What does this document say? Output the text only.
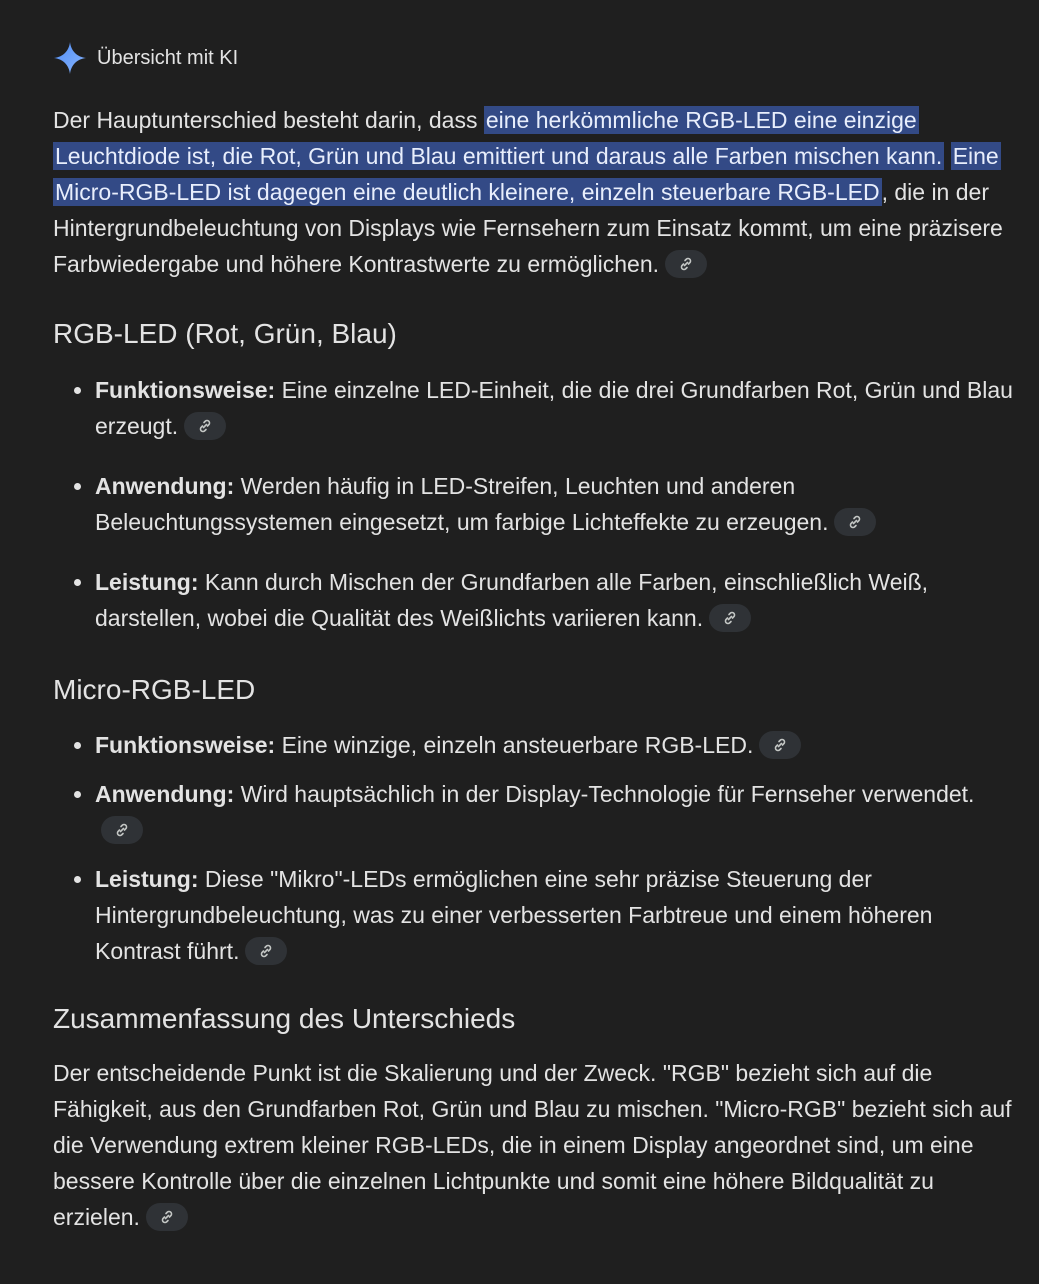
Übersicht mit KI

Der Hauptunterschied besteht darin, dass eine herkömmliche RGB-LED eine einzige Leuchtdiode ist, die Rot, Grün und Blau emittiert und daraus alle Farben mischen kann. Eine Micro-RGB-LED ist dagegen eine deutlich kleinere, einzeln steuerbare RGB-LED, die in der Hintergrundbeleuchtung von Displays wie Fernsehern zum Einsatz kommt, um eine präzisere Farbwiedergabe und höhere Kontrastwerte zu ermöglichen.

RGB-LED (Rot, Grün, Blau)
• Funktionsweise: Eine einzelne LED-Einheit, die die drei Grundfarben Rot, Grün und Blau erzeugt.
• Anwendung: Werden häufig in LED-Streifen, Leuchten und anderen Beleuchtungssystemen eingesetzt, um farbige Lichteffekte zu erzeugen.
• Leistung: Kann durch Mischen der Grundfarben alle Farben, einschließlich Weiß, darstellen, wobei die Qualität des Weißlichts variieren kann.
Micro-RGB-LED
• Funktionsweise: Eine winzige, einzeln ansteuerbare RGB-LED.
• Anwendung: Wird hauptsächlich in der Display-Technologie für Fernseher verwendet.
• Leistung: Diese "Mikro"-LEDs ermöglichen eine sehr präzise Steuerung der Hintergrundbeleuchtung, was zu einer verbesserten Farbtreue und einem höheren Kontrast führt.
Zusammenfassung des Unterschieds

Der entscheidende Punkt ist die Skalierung und der Zweck. "RGB" bezieht sich auf die Fähigkeit, aus den Grundfarben Rot, Grün und Blau zu mischen. "Micro-RGB" bezieht sich auf die Verwendung extrem kleiner RGB-LEDs, die in einem Display angeordnet sind, um eine bessere Kontrolle über die einzelnen Lichtpunkte und somit eine höhere Bildqualität zu erzielen.
